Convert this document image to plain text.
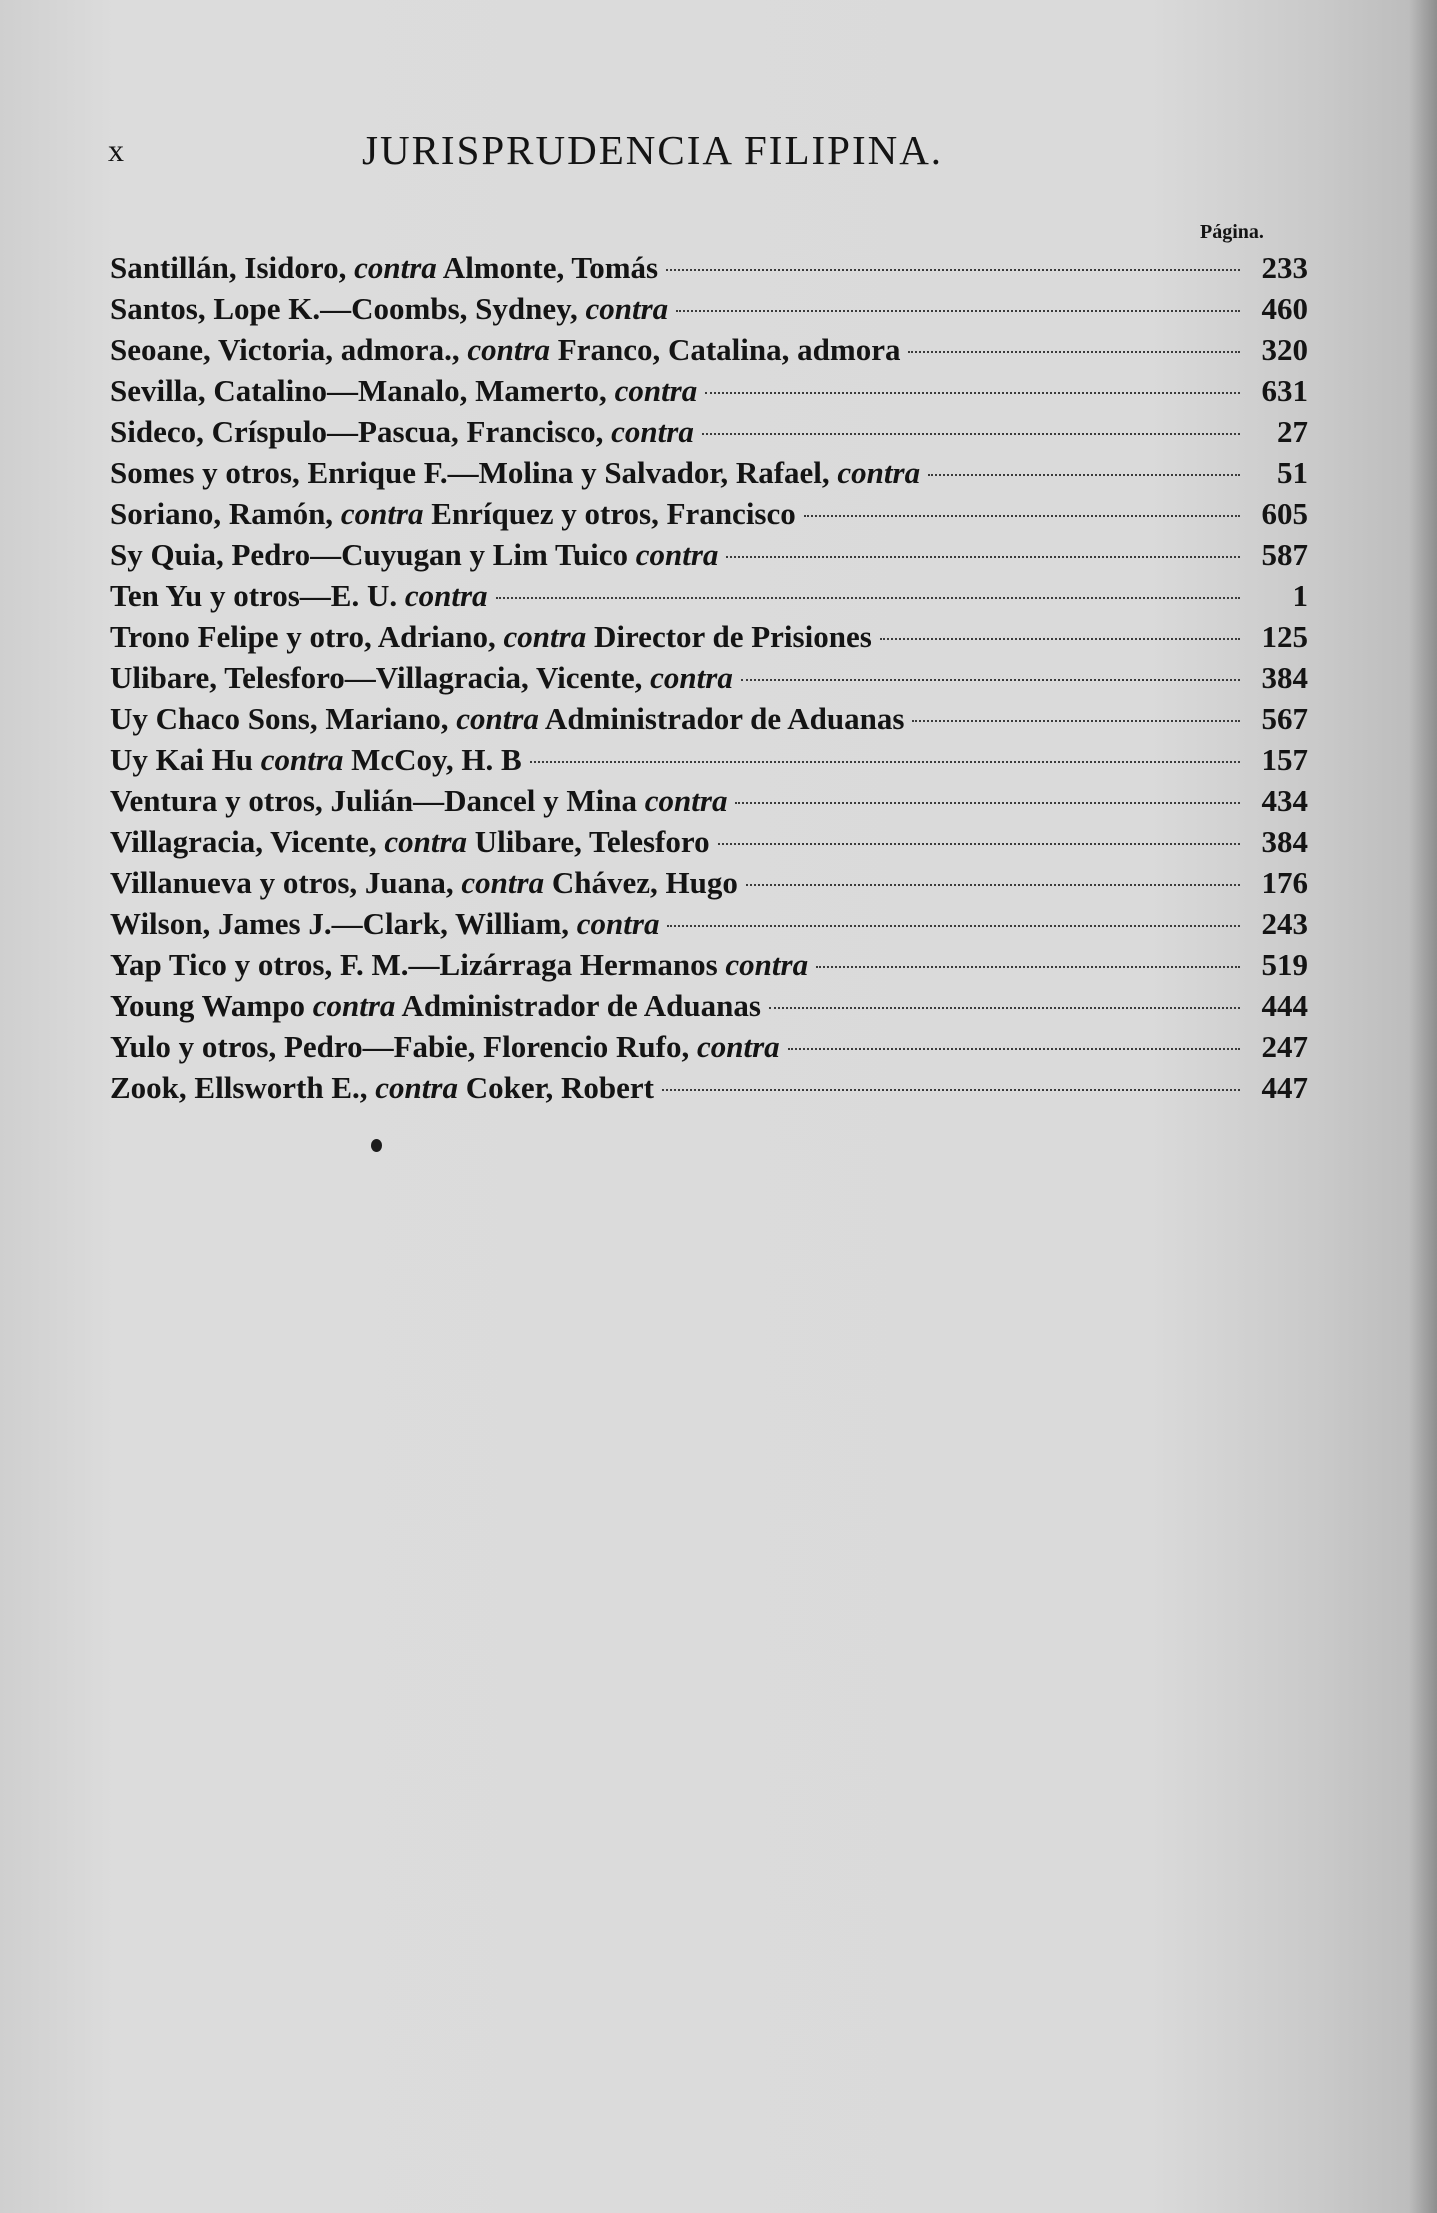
x	JURISPRUDENCIA FILIPINA.
Página.
Santillán, Isidoro, contra Almonte, Tomás	233
Santos, Lope K.—Coombs, Sydney, contra	460
Seoane, Victoria, admora., contra Franco, Catalina, admora	320
Sevilla, Catalino—Manalo, Mamerto, contra	631
Sideco, Críspulo—Pascua, Francisco, contra	27
Somes y otros, Enrique F.—Molina y Salvador, Rafael, contra	51
Soriano, Ramón, contra Enríquez y otros, Francisco	605
Sy Quia, Pedro—Cuyugan y Lim Tuico contra	587
Ten Yu y otros—E. U. contra	1
Trono Felipe y otro, Adriano, contra Director de Prisiones	125
Ulibare, Telesforo—Villagracia, Vicente, contra	384
Uy Chaco Sons, Mariano, contra Administrador de Aduanas	567
Uy Kai Hu contra McCoy, H. B	157
Ventura y otros, Julián—Dancel y Mina contra	434
Villagracia, Vicente, contra Ulibare, Telesforo	384
Villanueva y otros, Juana, contra Chávez, Hugo	176
Wilson, James J.—Clark, William, contra	243
Yap Tico y otros, F. M.—Lizárraga Hermanos contra	519
Young Wampo contra Administrador de Aduanas	444
Yulo y otros, Pedro—Fabie, Florencio Rufo, contra	247
Zook, Ellsworth E., contra Coker, Robert	447
